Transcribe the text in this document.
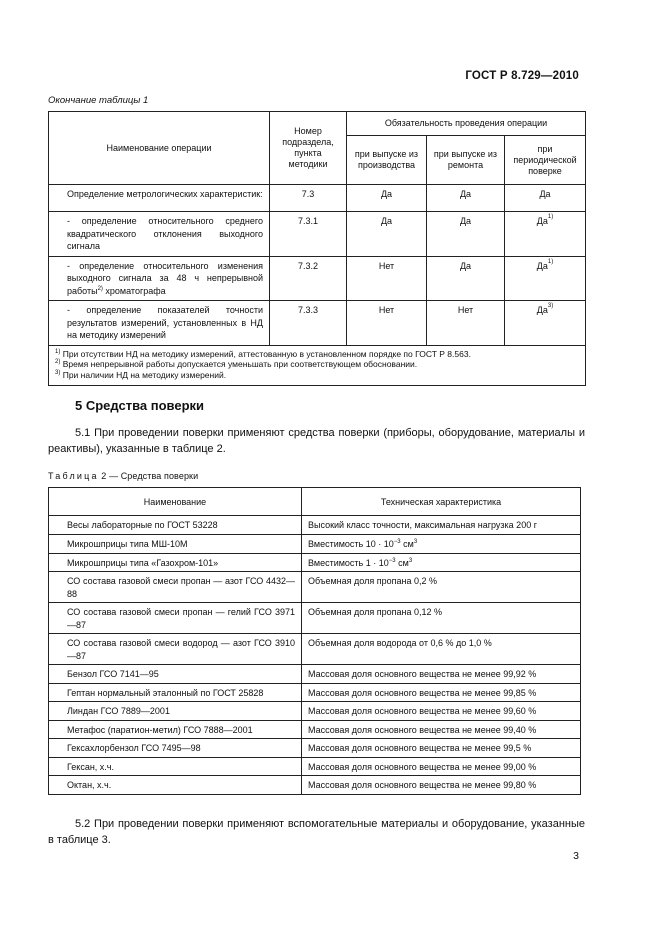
ГОСТ Р 8.729—2010
Окончание таблицы 1
Наименование операции	Номер подраздела, пункта методики	Обязательность проведения операции		
		при выпуске из производства	при выпуске из ремонта	при периодической поверке
Определение метрологических характеристик:	7.3	Да	Да	Да
- определение относительного среднего квадратического отклонения выходного сигнала	7.3.1	Да	Да	$Да^{1)}$
- определение относительного изменения выходного сигнала за 48 ч непрерывной работы$^{2)}$ хроматографа	7.3.2	Нет	Да	$Да^{1)}$
- определение показателей точности результатов измерений, установленных в НД на методику измерений	7.3.3	Нет	Нет	$Да^{3)}$

$^{1)}$ При отсутствии НД на методику измерений, аттестованную в установленном порядке по ГОСТ Р 8.563.
$^{2)}$ Время непрерывной работы допускается уменьшать при соответствующем обосновании.
$^{3)}$ При наличии НД на методику измерений.				
5 Средства поверки
5.1 При проведении поверки применяют средства поверки (приборы, оборудование, материалы и реактивы), указанные в таблице 2.
Таблица 2 — Средства поверки
Наименование	Техническая характеристика
Весы лабораторные по ГОСТ 53228	Высокий класс точности, максимальная нагрузка 200 г
Микрошприцы типа МШ-10М	Вместимость $10 \cdot 10^{-3}$ $см^3$
Микрошприцы типа «Газохром-101»	Вместимость $1 \cdot 10^{-3}$ $см^3$
СО состава газовой смеси пропан — азот ГСО 4432—88	Объемная доля пропана 0,2 %
СО состава газовой смеси пропан — гелий ГСО 3971—87	Объемная доля пропана 0,12 %
СО состава газовой смеси водород — азот ГСО 3910—87	Объемная доля водорода от 0,6 % до 1,0 %
Бензол ГСО 7141—95	Массовая доля основного вещества не менее 99,92 %
Гептан нормальный эталонный по ГОСТ 25828	Массовая доля основного вещества не менее 99,85 %
Линдан ГСО 7889—2001	Массовая доля основного вещества не менее 99,60 %
Метафос (паратион-метил) ГСО 7888—2001	Массовая доля основного вещества не менее 99,40 %
Гексахлорбензол ГСО 7495—98	Массовая доля основного вещества не менее 99,5 %
Гексан, х.ч.	Массовая доля основного вещества не менее 99,00 %
Октан, х.ч.	Массовая доля основного вещества не менее 99,80 %
5.2 При проведении поверки применяют вспомогательные материалы и оборудование, указанные в таблице 3.
3
